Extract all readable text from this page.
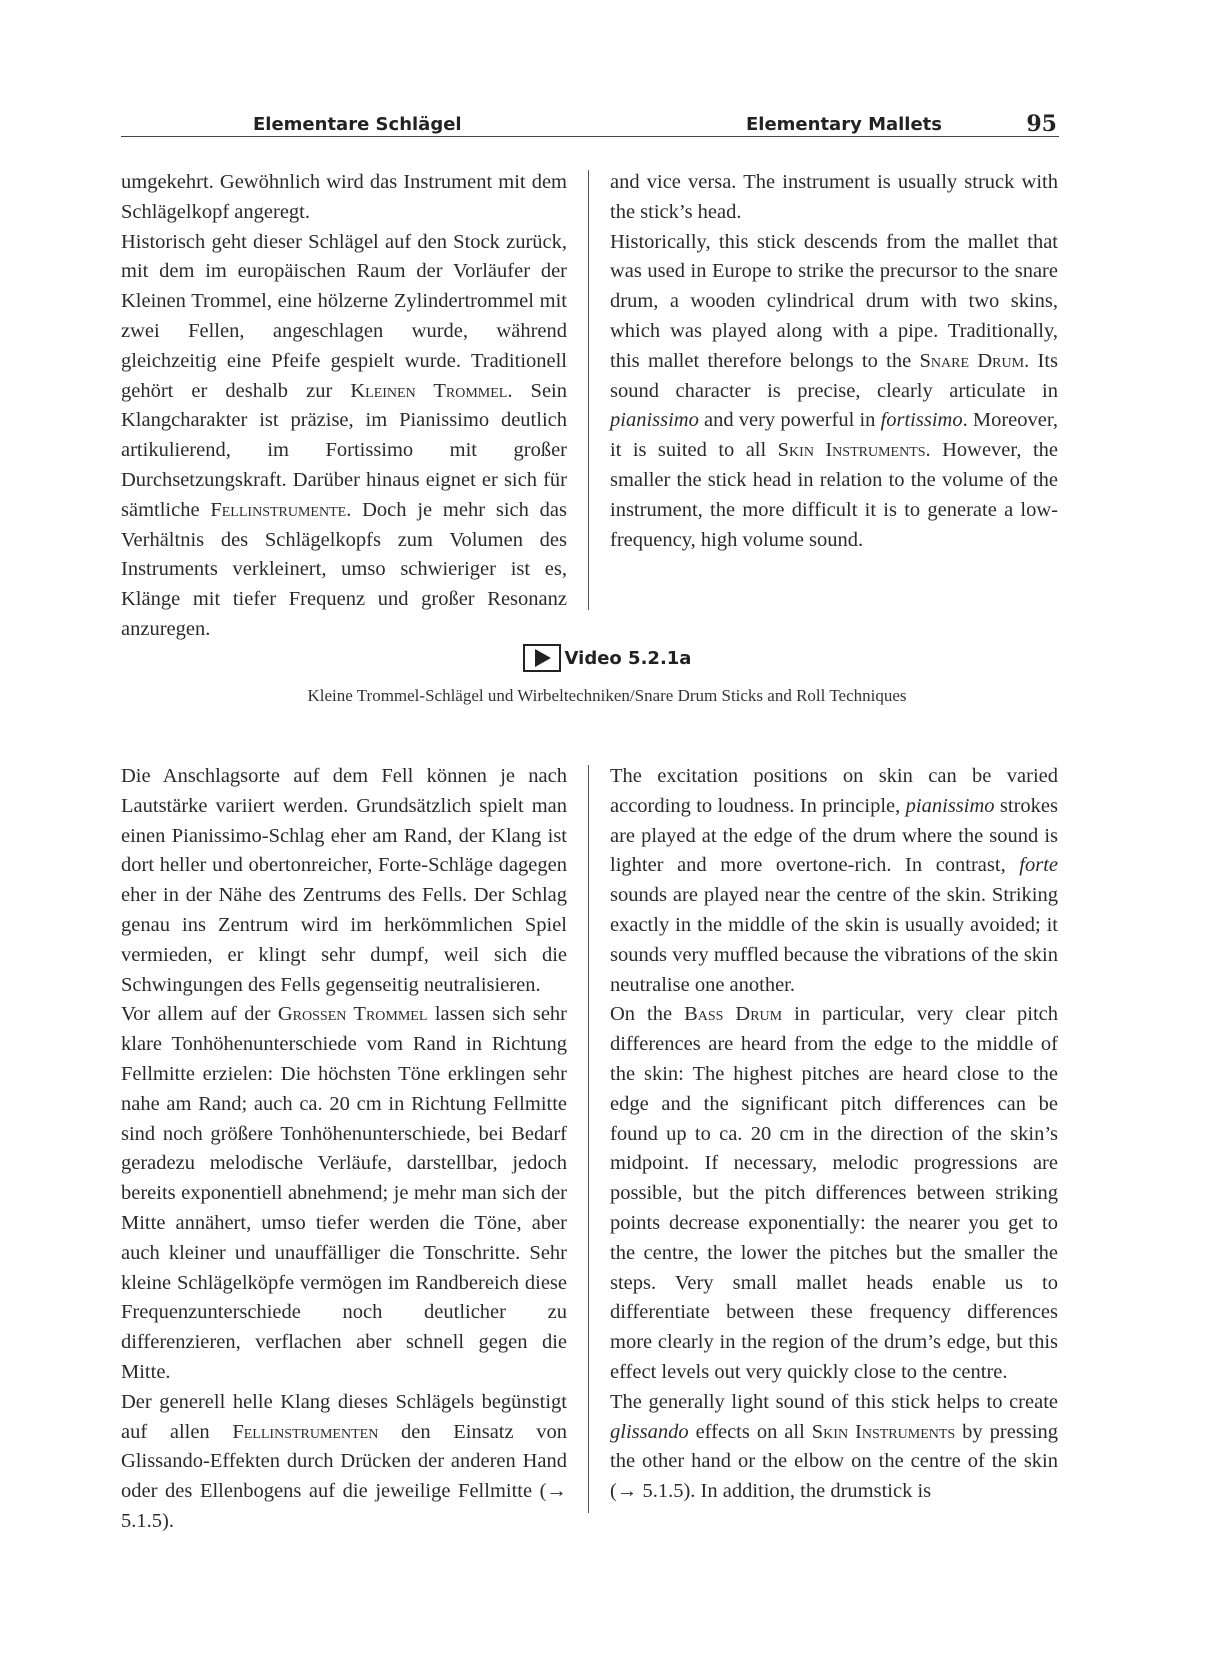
Elementare Schlägel	Elementary Mallets	95

umgekehrt. Gewöhnlich wird das Instrument mit dem Schlägelkopf angeregt.

Historisch geht dieser Schlägel auf den Stock zurück, mit dem im europäischen Raum der Vorläufer der Kleinen Trommel, eine hölzerne Zylindertrommel mit zwei Fellen, angeschlagen wurde, während gleichzeitig eine Pfeife gespielt wurde. Traditionell gehört er deshalb zur Kleinen Trommel. Sein Klangcharakter ist präzise, im Pianissimo deutlich artikulierend, im Fortissimo mit großer Durchsetzungskraft. Darüber hinaus eignet er sich für sämtliche Fellinstrumente. Doch je mehr sich das Verhältnis des Schlägelkopfs zum Volumen des Instruments verkleinert, umso schwieriger ist es, Klänge mit tiefer Frequenz und großer Resonanz anzuregen.

and vice versa. The instrument is usually struck with the stick’s head.

Historically, this stick descends from the mallet that was used in Europe to strike the precursor to the snare drum, a wooden cylindrical drum with two skins, which was played along with a pipe. Traditionally, this mallet therefore belongs to the Snare Drum. Its sound character is precise, clearly articulate in pianissimo and very powerful in fortissimo. Moreover, it is suited to all Skin Instruments. However, the smaller the stick head in relation to the volume of the instrument, the more difficult it is to generate a low-frequency, high volume sound.

Video 5.2.1a
Kleine Trommel-Schlägel und Wirbeltechniken/Snare Drum Sticks and Roll Techniques

Die Anschlagsorte auf dem Fell können je nach Lautstärke variiert werden. Grundsätzlich spielt man einen Pianissimo-Schlag eher am Rand, der Klang ist dort heller und obertonreicher, Forte-Schläge dagegen eher in der Nähe des Zentrums des Fells. Der Schlag genau ins Zentrum wird im herkömmlichen Spiel vermieden, er klingt sehr dumpf, weil sich die Schwingungen des Fells gegenseitig neutralisieren.

Vor allem auf der Grossen Trommel lassen sich sehr klare Tonhöhenunterschiede vom Rand in Richtung Fellmitte erzielen: Die höchsten Töne erklingen sehr nahe am Rand; auch ca. 20 cm in Richtung Fellmitte sind noch größere Tonhöhenunterschiede, bei Bedarf geradezu melodische Verläufe, darstellbar, jedoch bereits exponentiell abnehmend; je mehr man sich der Mitte annähert, umso tiefer werden die Töne, aber auch kleiner und unauffälliger die Tonschritte. Sehr kleine Schlägelköpfe vermögen im Randbereich diese Frequenzunterschiede noch deutlicher zu differenzieren, verflachen aber schnell gegen die Mitte.

Der generell helle Klang dieses Schlägels begünstigt auf allen Fellinstrumenten den Einsatz von Glissando-Effekten durch Drücken der anderen Hand oder des Ellenbogens auf die jeweilige Fellmitte (→ 5.1.5).

The excitation positions on skin can be varied according to loudness. In principle, pianissimo strokes are played at the edge of the drum where the sound is lighter and more overtone-rich. In contrast, forte sounds are played near the centre of the skin. Striking exactly in the middle of the skin is usually avoided; it sounds very muffled because the vibrations of the skin neutralise one another.

On the Bass Drum in particular, very clear pitch differences are heard from the edge to the middle of the skin: The highest pitches are heard close to the edge and the significant pitch differences can be found up to ca. 20 cm in the direction of the skin’s midpoint. If necessary, melodic progressions are possible, but the pitch differences between striking points decrease exponentially: the nearer you get to the centre, the lower the pitches but the smaller the steps. Very small mallet heads enable us to differentiate between these frequency differences more clearly in the region of the drum’s edge, but this effect levels out very quickly close to the centre.

The generally light sound of this stick helps to create glissando effects on all Skin Instruments by pressing the other hand or the elbow on the centre of the skin (→ 5.1.5). In addition, the drumstick is
